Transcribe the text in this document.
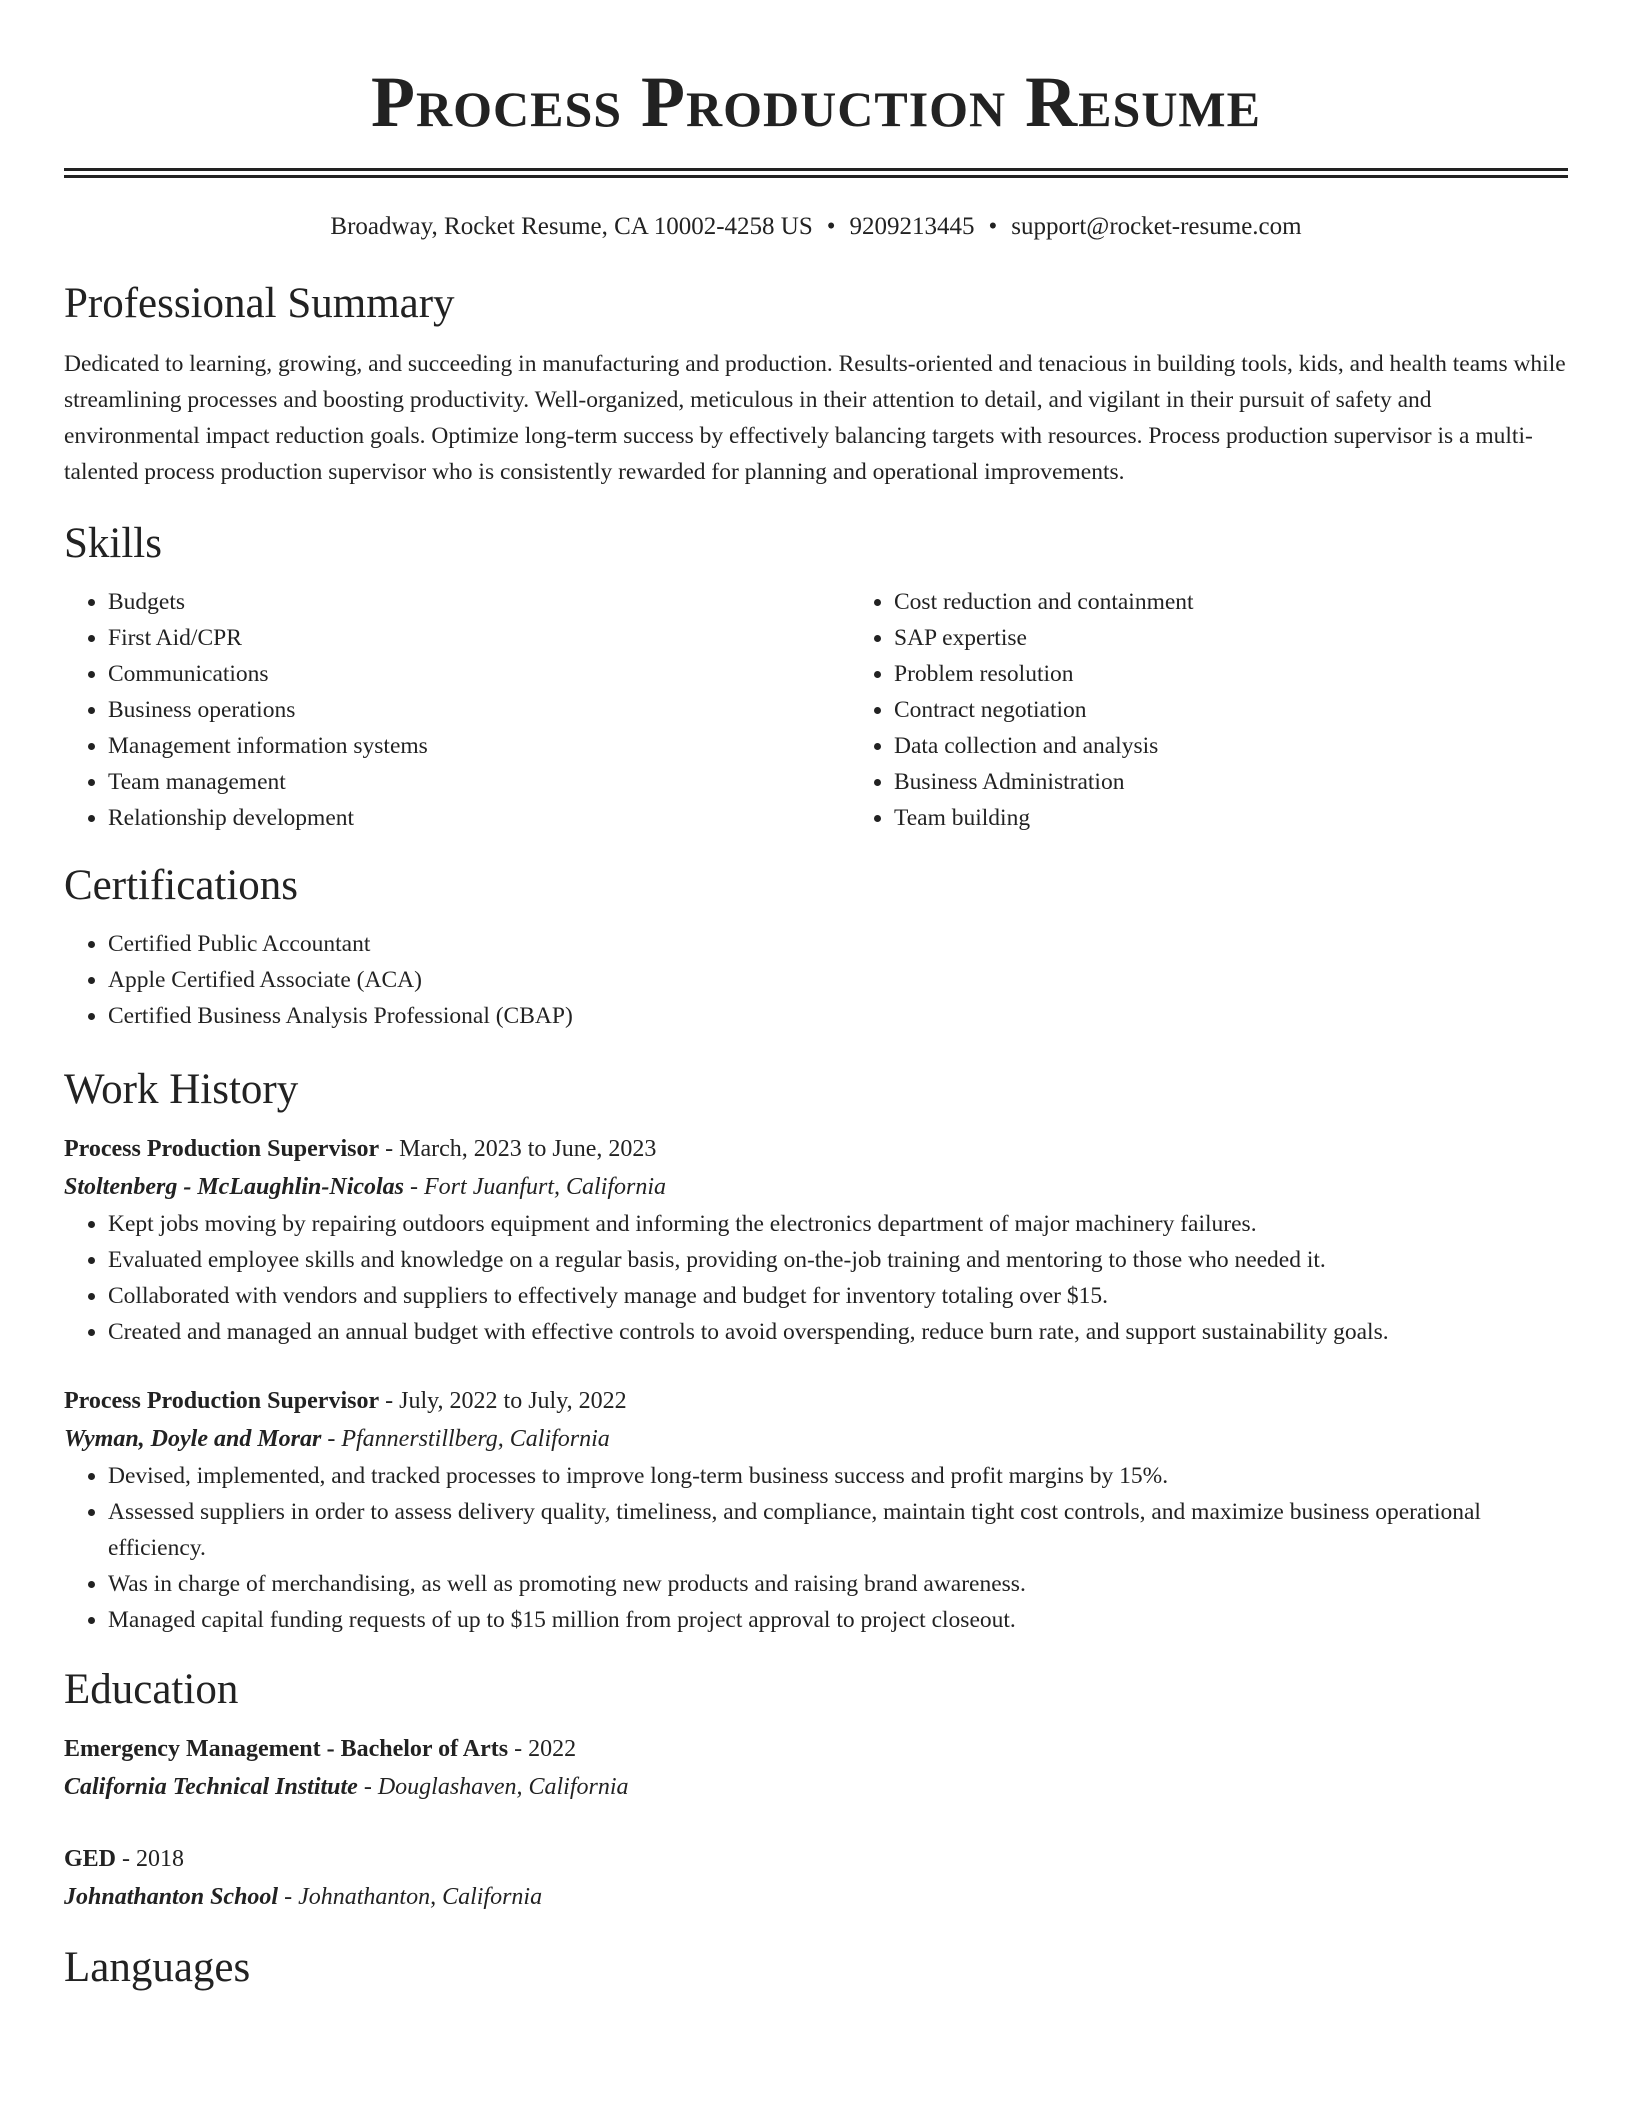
Process Production Resume
Broadway, Rocket Resume, CA 10002-4258 US • 9209213445 • support@rocket-resume.com
Professional Summary

Dedicated to learning, growing, and succeeding in manufacturing and production. Results-oriented and tenacious in building tools, kids, and health teams while streamlining processes and boosting productivity. Well-organized, meticulous in their attention to detail, and vigilant in their pursuit of safety and environmental impact reduction goals. Optimize long-term success by effectively balancing targets with resources. Process production supervisor is a multi-talented process production supervisor who is consistently rewarded for planning and operational improvements.

Skills
• Budgets
• First Aid/CPR
• Communications
• Business operations
• Management information systems
• Team management
• Relationship development
• Cost reduction and containment
• SAP expertise
• Problem resolution
• Contract negotiation
• Data collection and analysis
• Business Administration
• Team building
Certifications
• Certified Public Accountant
• Apple Certified Associate (ACA)
• Certified Business Analysis Professional (CBAP)
Work History
Process Production Supervisor - March, 2023 to June, 2023
Stoltenberg - McLaughlin-Nicolas - Fort Juanfurt, California
• Kept jobs moving by repairing outdoors equipment and informing the electronics department of major machinery failures.
• Evaluated employee skills and knowledge on a regular basis, providing on-the-job training and mentoring to those who needed it.
• Collaborated with vendors and suppliers to effectively manage and budget for inventory totaling over $15.
• Created and managed an annual budget with effective controls to avoid overspending, reduce burn rate, and support sustainability goals.
Process Production Supervisor - July, 2022 to July, 2022
Wyman, Doyle and Morar - Pfannerstillberg, California
• Devised, implemented, and tracked processes to improve long-term business success and profit margins by 15%.
• Assessed suppliers in order to assess delivery quality, timeliness, and compliance, maintain tight cost controls, and maximize business operational efficiency.
• Was in charge of merchandising, as well as promoting new products and raising brand awareness.
• Managed capital funding requests of up to $15 million from project approval to project closeout.
Education
Emergency Management - Bachelor of Arts - 2022
California Technical Institute - Douglashaven, California
GED - 2018
Johnathanton School - Johnathanton, California
Languages
